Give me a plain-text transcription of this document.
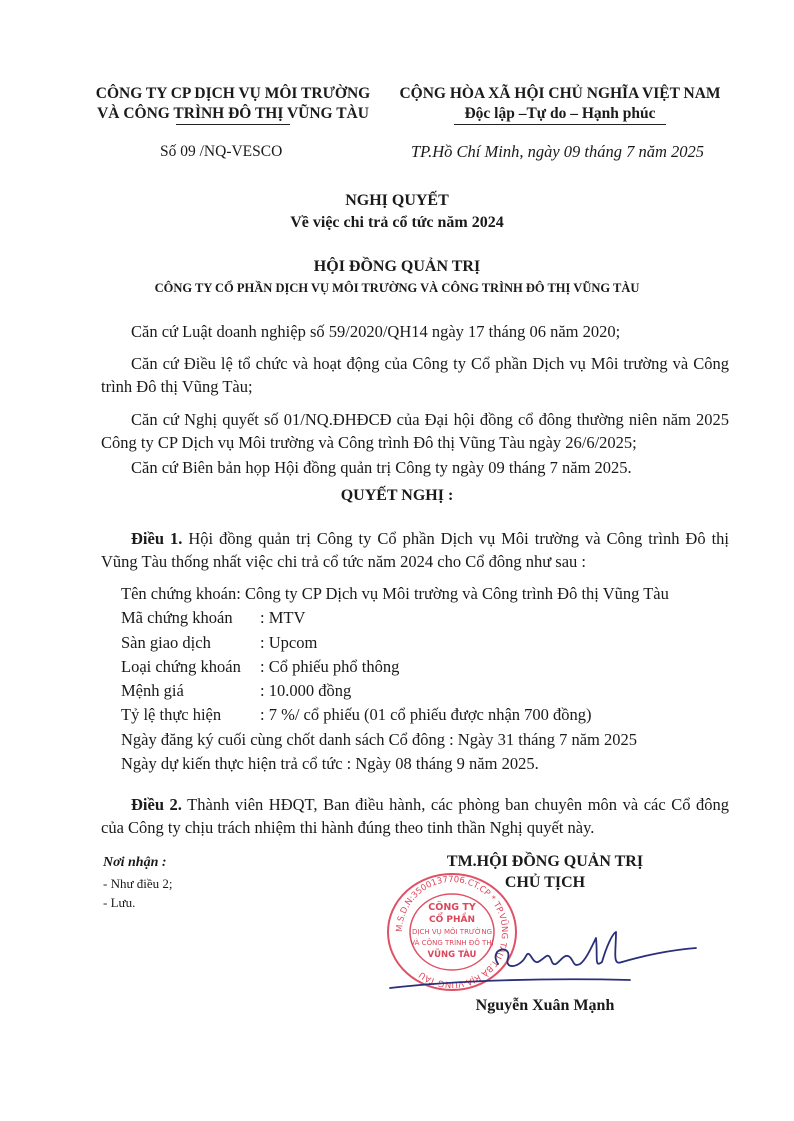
CÔNG TY CP DỊCH VỤ MÔI TRƯỜNG
VÀ CÔNG TRÌNH ĐÔ THỊ VŨNG TÀU
CỘNG HÒA XÃ HỘI CHỦ NGHĨA VIỆT NAM
Độc lập –Tự do – Hạnh phúc
Số 09 /NQ-VESCO	TP.Hồ Chí Minh, ngày 09 tháng 7 năm 2025
NGHỊ QUYẾT
Về việc chi trả cổ tức năm 2024
HỘI ĐỒNG QUẢN TRỊ
CÔNG TY CỔ PHẦN DỊCH VỤ MÔI TRƯỜNG VÀ CÔNG TRÌNH ĐÔ THỊ VŨNG TÀU
Căn cứ Luật doanh nghiệp số 59/2020/QH14 ngày 17 tháng 06 năm 2020;
Căn cứ Điều lệ tổ chức và hoạt động của Công ty Cổ phần Dịch vụ Môi trường và Công trình Đô thị Vũng Tàu;
Căn cứ Nghị quyết số 01/NQ.ĐHĐCĐ của Đại hội đồng cổ đông thường niên năm 2025 Công ty CP Dịch vụ Môi trường và Công trình Đô thị Vũng Tàu ngày 26/6/2025;
Căn cứ Biên bản họp Hội đồng quản trị Công ty ngày 09 tháng 7 năm 2025.
QUYẾT NGHỊ :
Điều 1. Hội đồng quản trị Công ty Cổ phần Dịch vụ Môi trường và Công trình Đô thị Vũng Tàu thống nhất việc chi trả cổ tức năm 2024 cho Cổ đông như sau :
Tên chứng khoán: Công ty CP Dịch vụ Môi trường và Công trình Đô thị Vũng Tàu
Mã chứng khoán : MTV
Sàn giao dịch	: Upcom
Loại chứng khoán : Cổ phiếu phổ thông
Mệnh giá	: 10.000 đồng
Tỷ lệ thực hiện : 7 %/ cổ phiếu (01 cổ phiếu được nhận 700 đồng)
Ngày đăng ký cuối cùng chốt danh sách Cổ đông : Ngày 31 tháng 7 năm 2025
Ngày dự kiến thực hiện trả cổ tức : Ngày 08 tháng 9 năm 2025.
Điều 2. Thành viên HĐQT, Ban điều hành, các phòng ban chuyên môn và các Cổ đông của Công ty chịu trách nhiệm thi hành đúng theo tinh thần Nghị quyết này.
Nơi nhận :
- Như điều 2;
- Lưu.
TM.HỘI ĐỒNG QUẢN TRỊ
CHỦ TỊCH
M.S.D.N:3500137706.CT.CP * TP.VŨNG TÀU T.BÀ RỊA-VŨNG TÀU
CÔNG TY
CỔ PHẦN
DỊCH VỤ MÔI TRƯỜNG
VÀ CÔNG TRÌNH ĐÔ THỊ
VŨNG TÀU
Nguyễn Xuân Mạnh
